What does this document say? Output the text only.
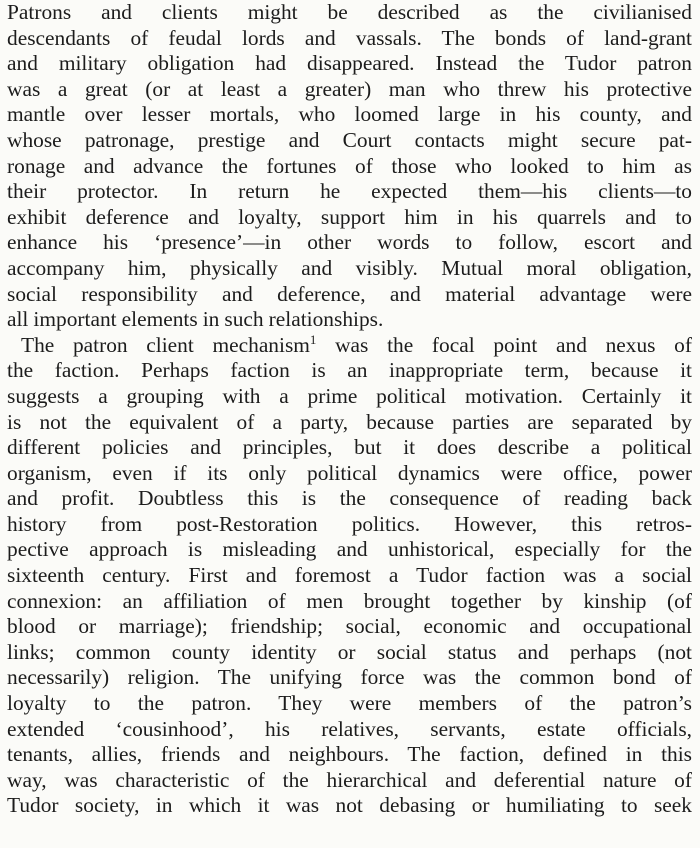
Patrons and clients might be described as the civilianised
descendants of feudal lords and vassals. The bonds of land-grant
and military obligation had disappeared. Instead the Tudor patron
was a great (or at least a greater) man who threw his protective
mantle over lesser mortals, who loomed large in his county, and
whose patronage, prestige and Court contacts might secure pat-
ronage and advance the fortunes of those who looked to him as
their protector. In return he expected them—his clients—to
exhibit deference and loyalty, support him in his quarrels and to
enhance his ‘presence’—in other words to follow, escort and
accompany him, physically and visibly. Mutual moral obligation,
social responsibility and deference, and material advantage were
all important elements in such relationships.
The patron client mechanism$^1$ was the focal point and nexus of
the faction. Perhaps faction is an inappropriate term, because it
suggests a grouping with a prime political motivation. Certainly it
is not the equivalent of a party, because parties are separated by
different policies and principles, but it does describe a political
organism, even if its only political dynamics were office, power
and profit. Doubtless this is the consequence of reading back
history from post-Restoration politics. However, this retros-
pective approach is misleading and unhistorical, especially for the
sixteenth century. First and foremost a Tudor faction was a social
connexion: an affiliation of men brought together by kinship (of
blood or marriage); friendship; social, economic and occupational
links; common county identity or social status and perhaps (not
necessarily) religion. The unifying force was the common bond of
loyalty to the patron. They were members of the patron’s
extended ‘cousinhood’, his relatives, servants, estate officials,
tenants, allies, friends and neighbours. The faction, defined in this
way, was characteristic of the hierarchical and deferential nature of
Tudor society, in which it was not debasing or humiliating to seek
